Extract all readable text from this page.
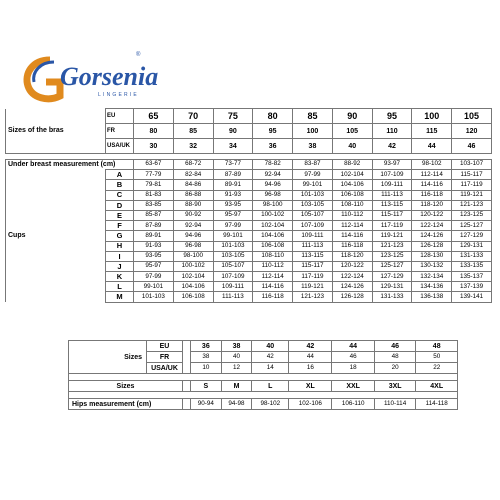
Gorsenia
®
LINGERIE
Sizes of the bras	EU	65	70	75	80	85	90	95	100	105
	FR	80	85	90	95	100	105	110	115	120
	USA/UK	30	32	34	36	38	40	42	44	46

Under breast measurement (cm)		63-67	68-72	73-77	78-82	83-87	88-92	93-97	98-102	103-107
Cups	A	77-79	82-84	87-89	92-94	97-99	102-104	107-109	112-114	115-117
	B	79-81	84-86	89-91	94-96	99-101	104-106	109-111	114-116	117-119
	C	81-83	86-88	91-93	96-98	101-103	106-108	111-113	116-118	119-121
	D	83-85	88-90	93-95	98-100	103-105	108-110	113-115	118-120	121-123
	E	85-87	90-92	95-97	100-102	105-107	110-112	115-117	120-122	123-125
	F	87-89	92-94	97-99	102-104	107-109	112-114	117-119	122-124	125-127
	G	89-91	94-96	99-101	104-106	109-111	114-116	119-121	124-126	127-129
	H	91-93	96-98	101-103	106-108	111-113	116-118	121-123	126-128	129-131
	I	93-95	98-100	103-105	108-110	113-115	118-120	123-125	128-130	131-133
	J	95-97	100-102	105-107	110-112	115-117	120-122	125-127	130-132	133-135
	K	97-99	102-104	107-109	112-114	117-119	122-124	127-129	132-134	135-137
	L	99-101	104-106	109-111	114-116	119-121	124-126	129-131	134-136	137-139
	M	101-103	106-108	111-113	116-118	121-123	126-128	131-133	136-138	139-141
Sizes	EU		36	38	40	42	44	46	48
	FR		38	40	42	44	46	48	50
	USA/UK		10	12	14	16	18	20	22

Sizes			S	M	L	XL	XXL	3XL	4XL

Hips measurement (cm)			90-94	94-98	98-102	102-106	106-110	110-114	114-118
